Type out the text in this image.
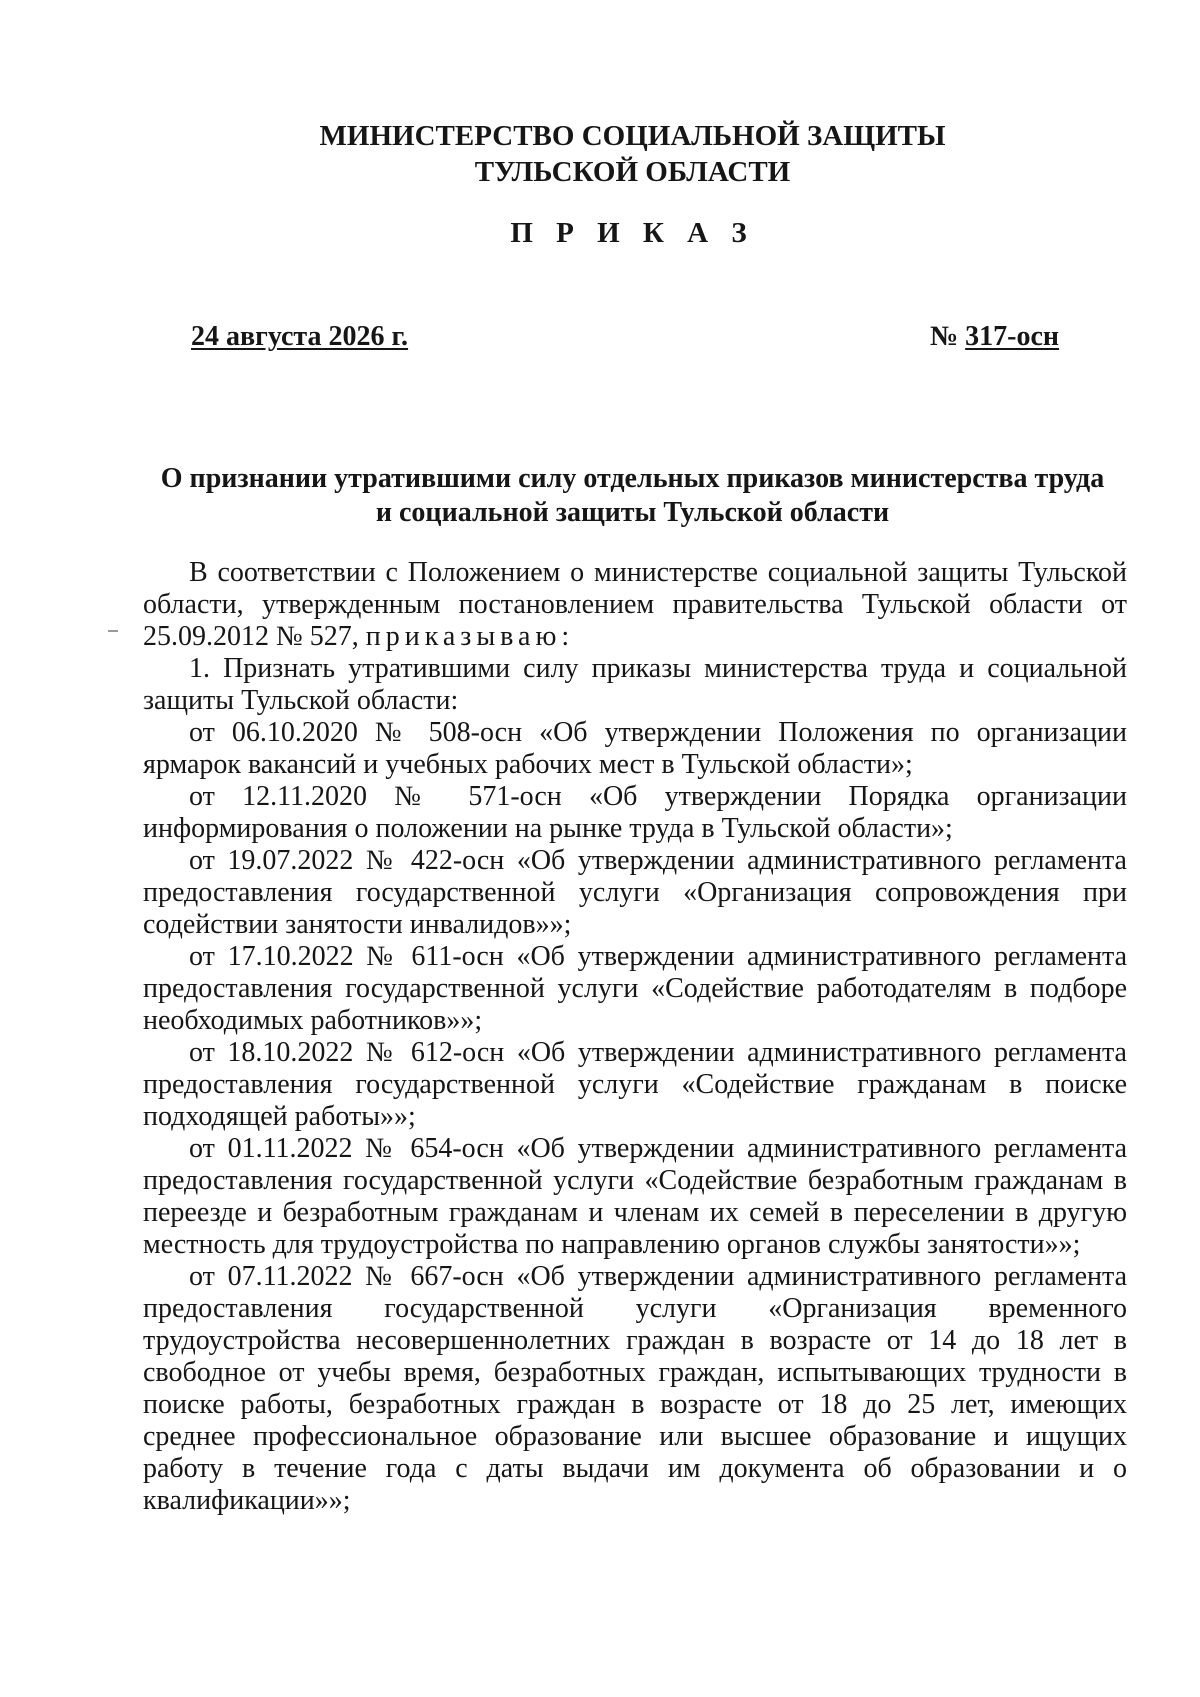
МИНИСТЕРСТВО СОЦИАЛЬНОЙ ЗАЩИТЫ
ТУЛЬСКОЙ ОБЛАСТИ
П Р И К А З
24 августа 2026 г.	№ 317-осн
О признании утратившими силу отдельных приказов министерства труда
и социальной защиты Тульской области

В соответствии с Положением о министерстве социальной защиты Тульской области, утвержденным постановлением правительства Тульской области от 25.09.2012 № 527, приказываю:

1. Признать утратившими силу приказы министерства труда и социальной защиты Тульской области:

от 06.10.2020 № 508-осн «Об утверждении Положения по организации ярмарок вакансий и учебных рабочих мест в Тульской области»;

от 12.11.2020 № 571-осн «Об утверждении Порядка организации информирования о положении на рынке труда в Тульской области»;

от 19.07.2022 № 422-осн «Об утверждении административного регламента предоставления государственной услуги «Организация сопровождения при содействии занятости инвалидов»»;

от 17.10.2022 № 611-осн «Об утверждении административного регламента предоставления государственной услуги «Содействие работодателям в подборе необходимых работников»»;

от 18.10.2022 № 612-осн «Об утверждении административного регламента предоставления государственной услуги «Содействие гражданам в поиске подходящей работы»»;

от 01.11.2022 № 654-осн «Об утверждении административного регламента предоставления государственной услуги «Содействие безработным гражданам в переезде и безработным гражданам и членам их семей в переселении в другую местность для трудоустройства по направлению органов службы занятости»»;

от 07.11.2022 № 667-осн «Об утверждении административного регламента предоставления государственной услуги «Организация временного трудоустройства несовершеннолетних граждан в возрасте от 14 до 18 лет в свободное от учебы время, безработных граждан, испытывающих трудности в поиске работы, безработных граждан в возрасте от 18 до 25 лет, имеющих среднее профессиональное образование или высшее образование и ищущих работу в течение года с даты выдачи им документа об образовании и о квалификации»»;
